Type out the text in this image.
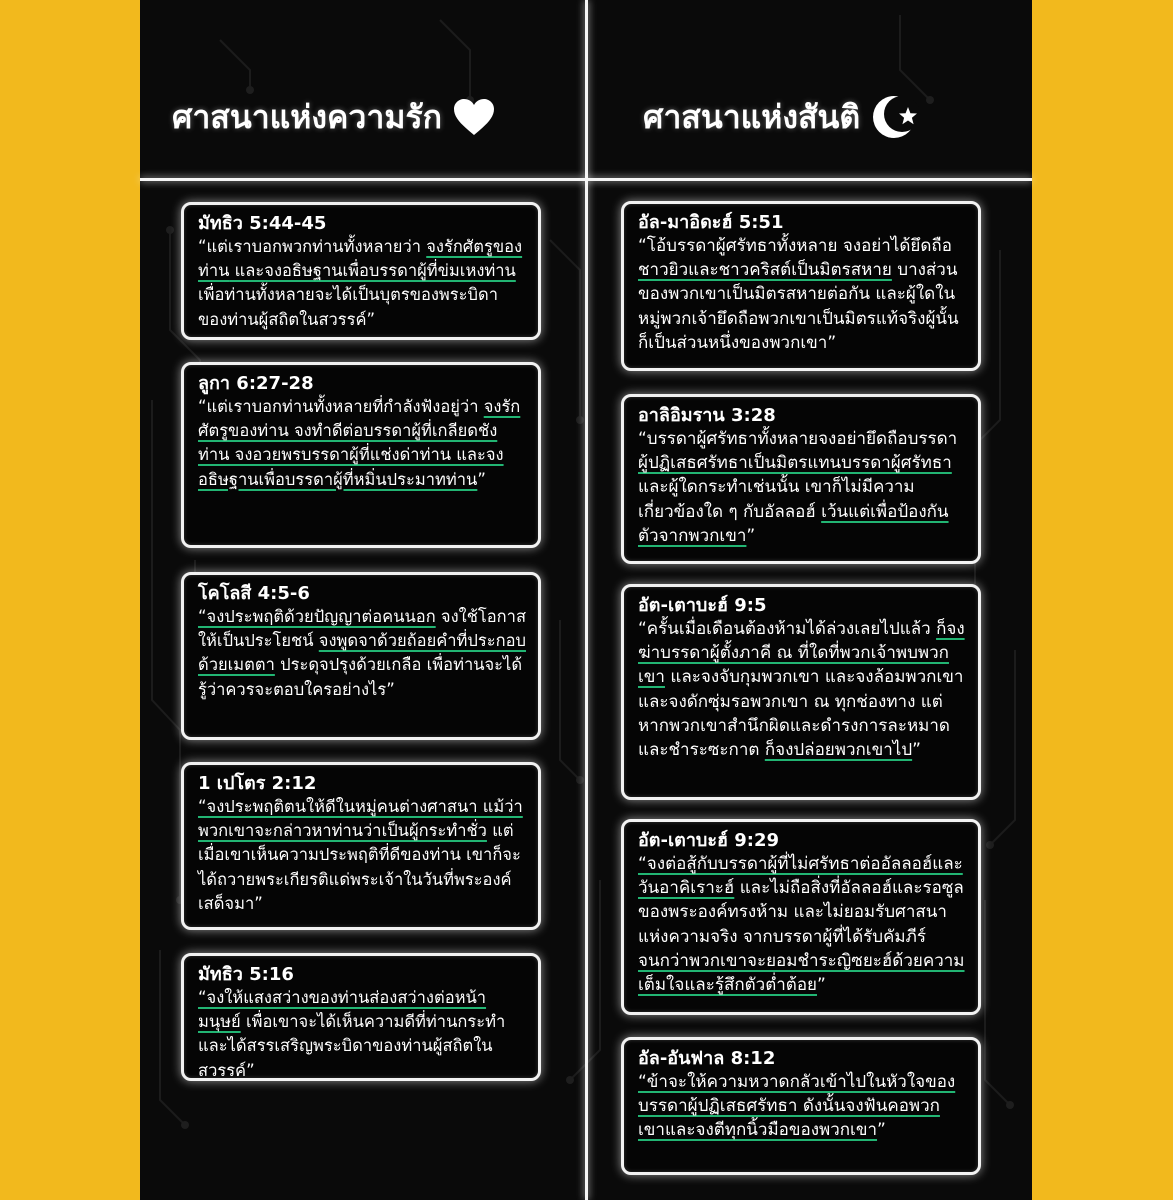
ศาสนาแห่งความรัก	ศาสนาแห่งสันติ

มัทธิว 5:44-45

“แต่เราบอกพวกท่านทั้งหลายว่า จงรักศัตรูของท่าน และจงอธิษฐานเพื่อบรรดาผู้ที่ข่มเหงท่าน เพื่อท่านทั้งหลายจะได้เป็นบุตรของพระบิดาของท่านผู้สถิตในสวรรค์”

ลูกา 6:27-28

“แต่เราบอกท่านทั้งหลายที่กำลังฟังอยู่ว่า จงรักศัตรูของท่าน จงทำดีต่อบรรดาผู้ที่เกลียดชังท่าน จงอวยพรบรรดาผู้ที่แช่งด่าท่าน และจงอธิษฐานเพื่อบรรดาผู้ที่หมิ่นประมาทท่าน”

โคโลสี 4:5-6

“จงประพฤติด้วยปัญญาต่อคนนอก จงใช้โอกาสให้เป็นประโยชน์ จงพูดจาด้วยถ้อยคำที่ประกอบด้วยเมตตา ประดุจปรุงด้วยเกลือ เพื่อท่านจะได้รู้ว่าควรจะตอบใครอย่างไร”

1 เปโตร 2:12

“จงประพฤติตนให้ดีในหมู่คนต่างศาสนา แม้ว่าพวกเขาจะกล่าวหาท่านว่าเป็นผู้กระทำชั่ว แต่เมื่อเขาเห็นความประพฤติที่ดีของท่าน เขาก็จะได้ถวายพระเกียรติแด่พระเจ้าในวันที่พระองค์เสด็จมา”

มัทธิว 5:16

“จงให้แสงสว่างของท่านส่องสว่างต่อหน้ามนุษย์ เพื่อเขาจะได้เห็นความดีที่ท่านกระทำและได้สรรเสริญพระบิดาของท่านผู้สถิตในสวรรค์”

อัล-มาอิดะฮ์ 5:51

“โอ้บรรดาผู้ศรัทธาทั้งหลาย จงอย่าได้ยึดถือชาวยิวและชาวคริสต์เป็นมิตรสหาย บางส่วนของพวกเขาเป็นมิตรสหายต่อกัน และผู้ใดในหมู่พวกเจ้ายึดถือพวกเขาเป็นมิตรแท้จริงผู้นั้นก็เป็นส่วนหนึ่งของพวกเขา”

อาลิอิมราน 3:28

“บรรดาผู้ศรัทธาทั้งหลายจงอย่ายึดถือบรรดาผู้ปฏิเสธศรัทธาเป็นมิตรแทนบรรดาผู้ศรัทธา และผู้ใดกระทำเช่นนั้น เขาก็ไม่มีความเกี่ยวข้องใด ๆ กับอัลลอฮ์ เว้นแต่เพื่อป้องกันตัวจากพวกเขา”

อัต-เตาบะฮ์ 9:5

“ครั้นเมื่อเดือนต้องห้ามได้ล่วงเลยไปแล้ว ก็จงฆ่าบรรดาผู้ตั้งภาคี ณ ที่ใดที่พวกเจ้าพบพวกเขา และจงจับกุมพวกเขา และจงล้อมพวกเขา และจงดักซุ่มรอพวกเขา ณ ทุกช่องทาง แต่หากพวกเขาสำนึกผิดและดำรงการละหมาดและชำระซะกาต ก็จงปล่อยพวกเขาไป”

อัต-เตาบะฮ์ 9:29

“จงต่อสู้กับบรรดาผู้ที่ไม่ศรัทธาต่ออัลลอฮ์และวันอาคิเราะฮ์ และไม่ถือสิ่งที่อัลลอฮ์และรอซูลของพระองค์ทรงห้าม และไม่ยอมรับศาสนาแห่งความจริง จากบรรดาผู้ที่ได้รับคัมภีร์ จนกว่าพวกเขาจะยอมชำระญิซยะฮ์ด้วยความเต็มใจและรู้สึกตัวต่ำต้อย”

อัล-อันฟาล 8:12

“ข้าจะให้ความหวาดกลัวเข้าไปในหัวใจของบรรดาผู้ปฏิเสธศรัทธา ดังนั้นจงฟันคอพวกเขาและจงตีทุกนิ้วมือของพวกเขา”
